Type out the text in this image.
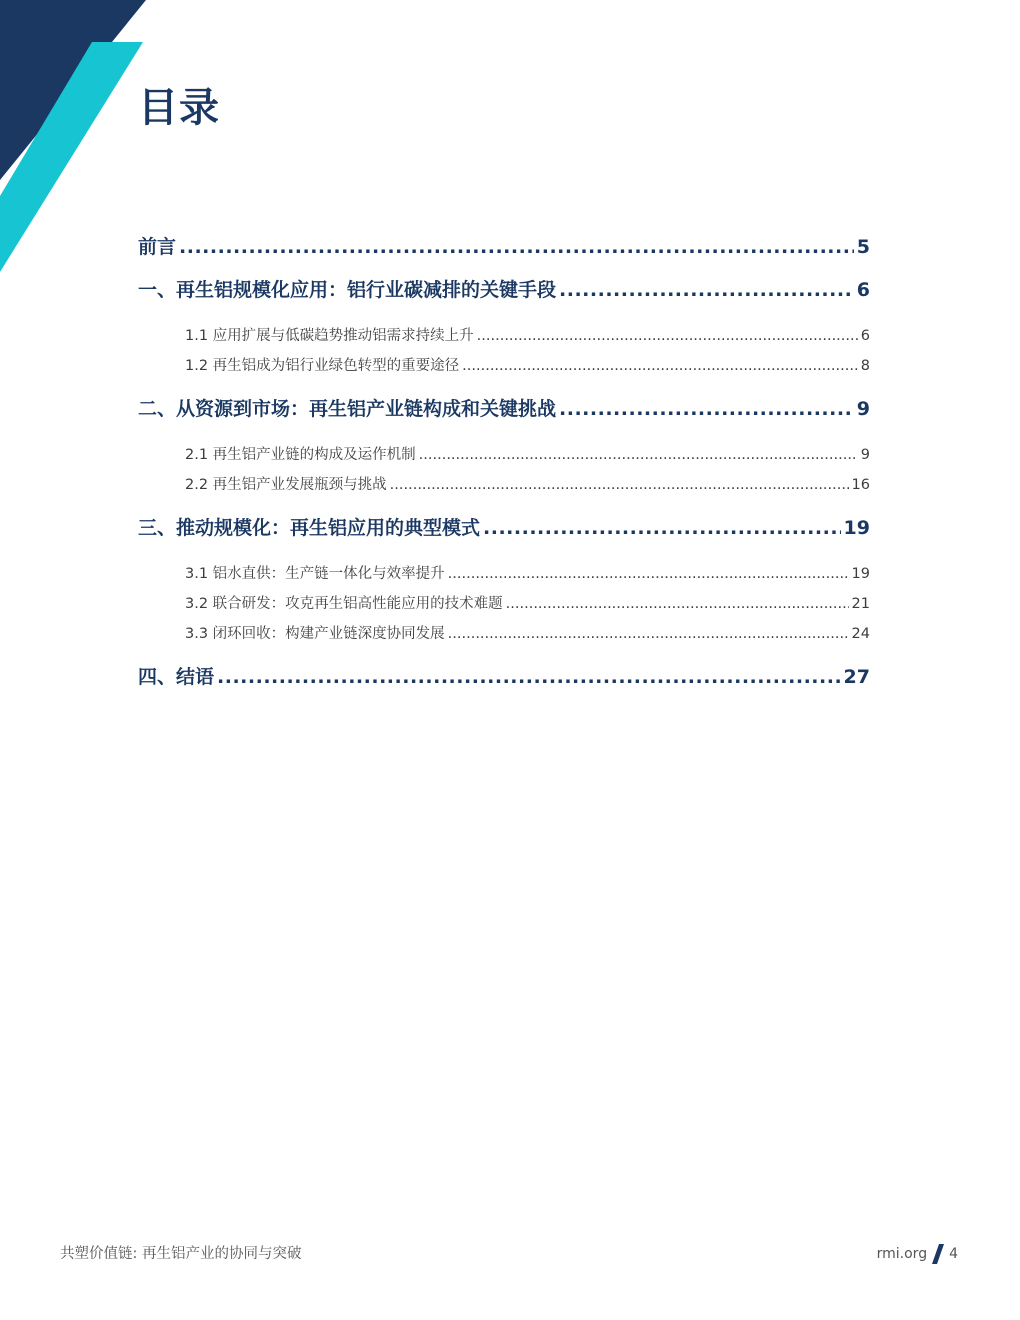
目录
前言 .....	5
一、再生铝规模化应用：铝行业碳减排的关键手段 .....	6
1.1 应用扩展与低碳趋势推动铝需求持续上升 .....	6
1.2 再生铝成为铝行业绿色转型的重要途径 .....	8
二、从资源到市场：再生铝产业链构成和关键挑战 .....	9
2.1 再生铝产业链的构成及运作机制 .....	9
2.2 再生铝产业发展瓶颈与挑战 .....	16
三、推动规模化：再生铝应用的典型模式 .....	19
3.1 铝水直供：生产链一体化与效率提升 .....	19
3.2 联合研发：攻克再生铝高性能应用的技术难题 .....	21
3.3 闭环回收：构建产业链深度协同发展 .....	24
四、结语 .....	27
共塑价值链: 再生铝产业的协同与突破	rmi.org 4
